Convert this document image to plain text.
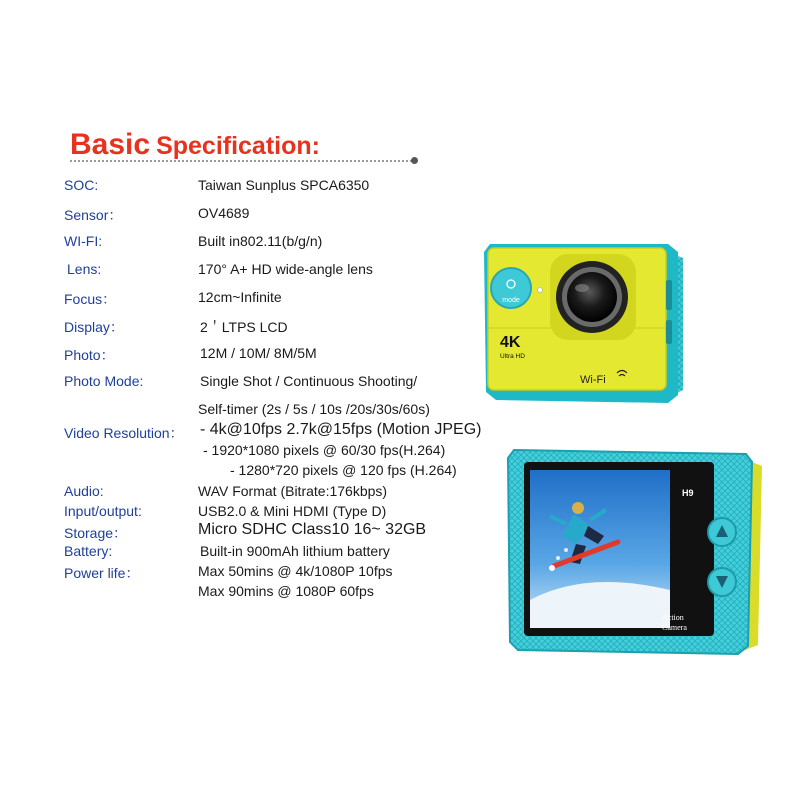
Basic Specification:
SOC:
Sensor：
WI-FI:
Lens:
Focus：
Display：
Photo：
Photo Mode:
Video Resolution：
Audio:
Input/output:
Storage：
Battery:
Power life：
Taiwan Sunplus SPCA6350
OV4689
Built in802.11(b/g/n)
170° A+ HD wide-angle lens
12cm~Infinite
2＇LTPS LCD
12M / 10M/ 8M/5M
Single Shot / Continuous Shooting/
Self-timer (2s / 5s / 10s /20s/30s/60s)
- 4k@10fps 2.7k@15fps (Motion JPEG)
- 1920*1080 pixels @ 60/30 fps(H.264)
- 1280*720 pixels @ 120 fps (H.264)
WAV Format (Bitrate:176kbps)
USB2.0 & Mini HDMI (Type D)
Micro SDHC Class10 16~ 32GB
Built-in 900mAh lithium battery
Max 50mins @ 4k/1080P 10fps
Max 90mins @ 1080P 60fps
mode
4K
Ultra HD
Wi-Fi
H9
Action
Camera
